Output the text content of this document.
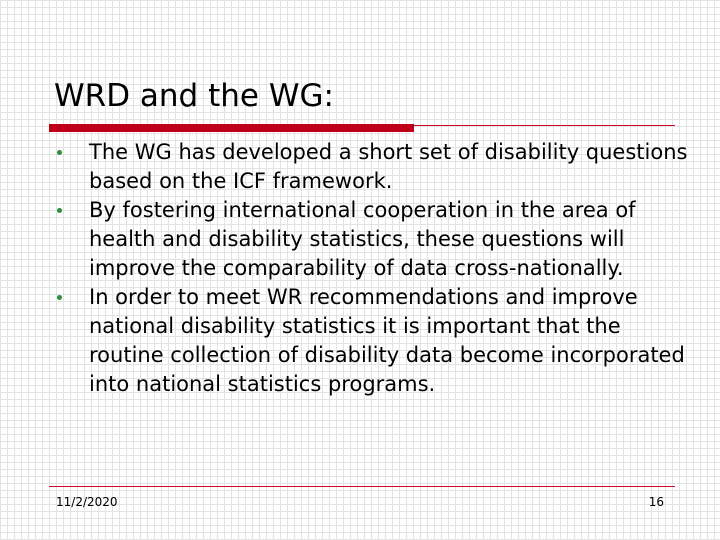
WRD and the WG:
The WG has developed a short set of disability questions based on the ICF framework.
By fostering international cooperation in the area of health and disability statistics, these questions will improve the comparability of data cross-nationally.
In order to meet WR recommendations and improve national disability statistics it is important that the routine collection of disability data become incorporated into national statistics programs.
11/2/2020	16
